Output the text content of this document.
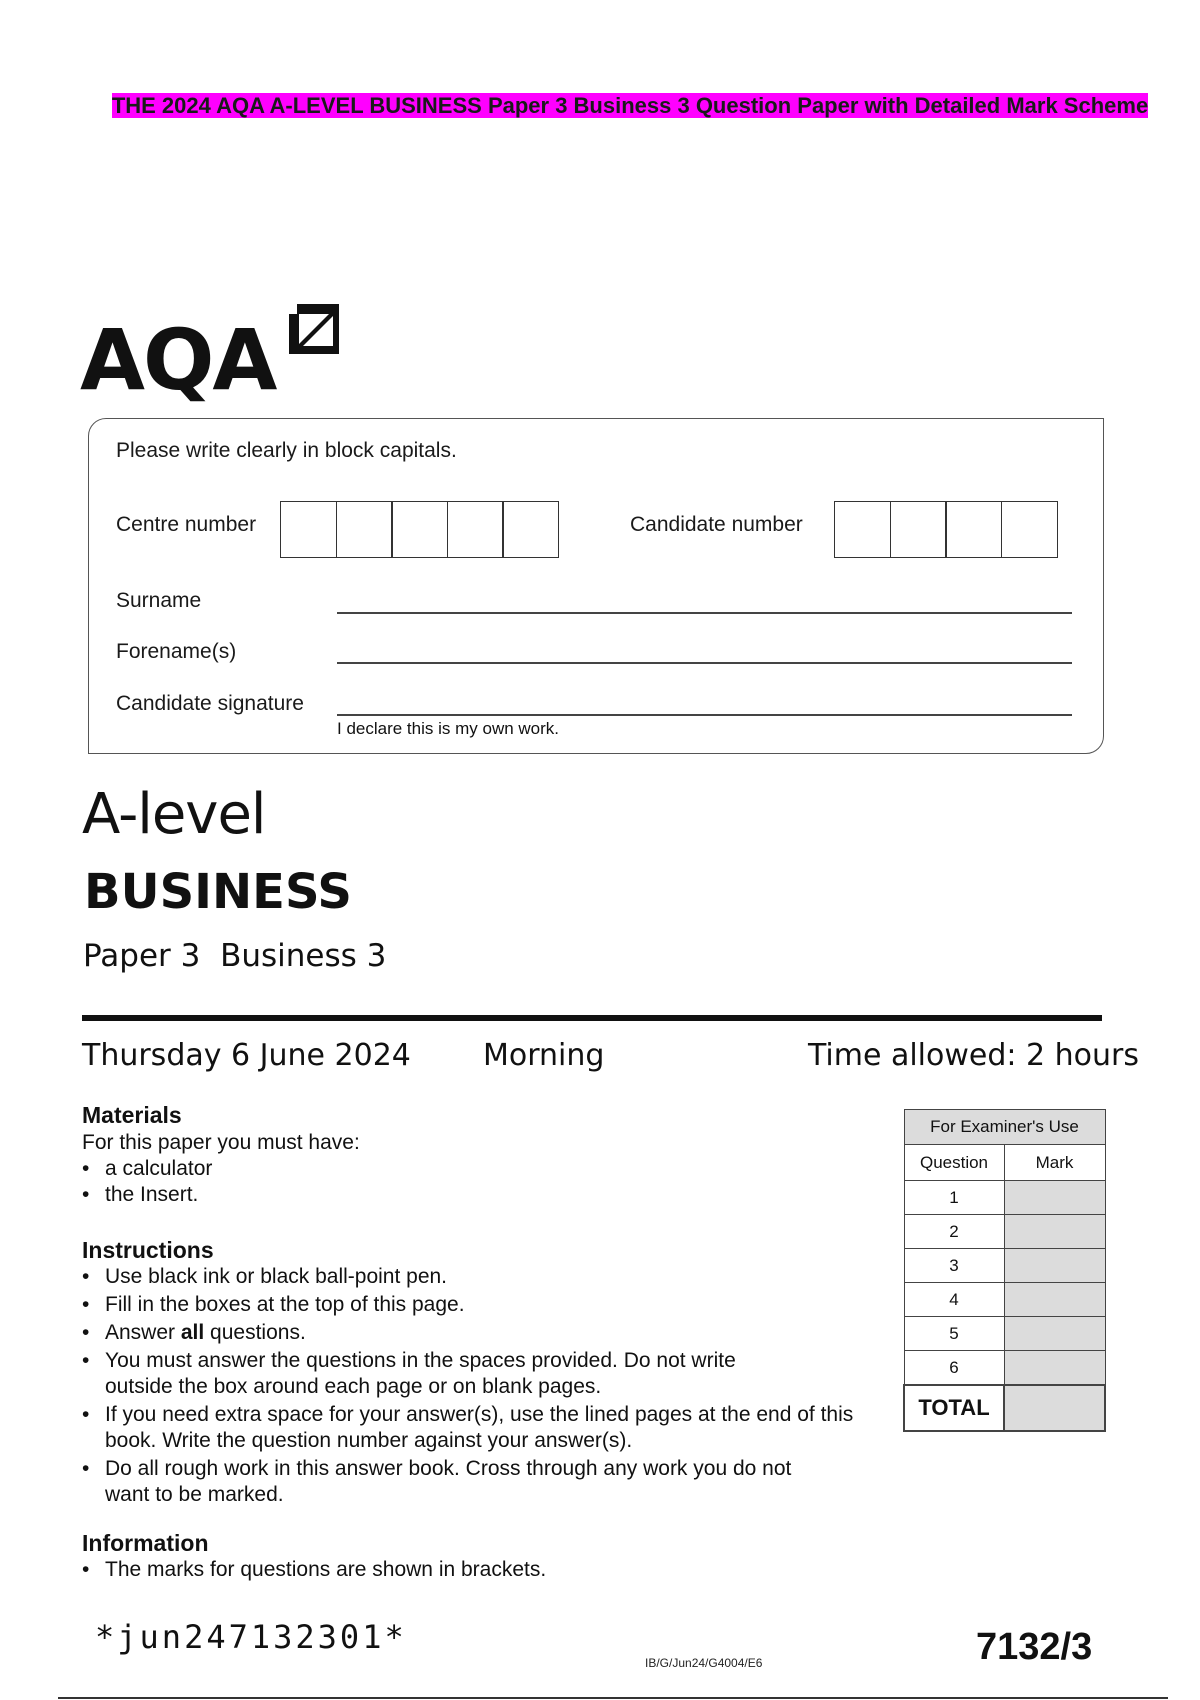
THE 2024 AQA A-LEVEL BUSINESS Paper 3 Business 3 Question Paper with Detailed Mark Scheme
AQA
Please write clearly in block capitals.
Centre number	Candidate number
Surname
Forename(s)
Candidate signature
I declare this is my own work.
A-level
BUSINESS
Paper 3  Business 3
Thursday 6 June 2024 Morning	Time allowed: 2 hours
Materials
For this paper you must have:
• a calculator
• the Insert.
Instructions
• Use black ink or black ball-point pen.
• Fill in the boxes at the top of this page.
• Answer all questions.
• You must answer the questions in the spaces provided. Do not write outside the box around each page or on blank pages.
• If you need extra space for your answer(s), use the lined pages at the end of this book. Write the question number against your answer(s).
• Do all rough work in this answer book. Cross through any work you do not want to be marked.
Information
• The marks for questions are shown in brackets.
For Examiner's Use	
Question	Mark
1	
2	
3	
4	
5	
6	
TOTAL	
*jun247132301*
IB/G/Jun24/G4004/E6	7132/3
